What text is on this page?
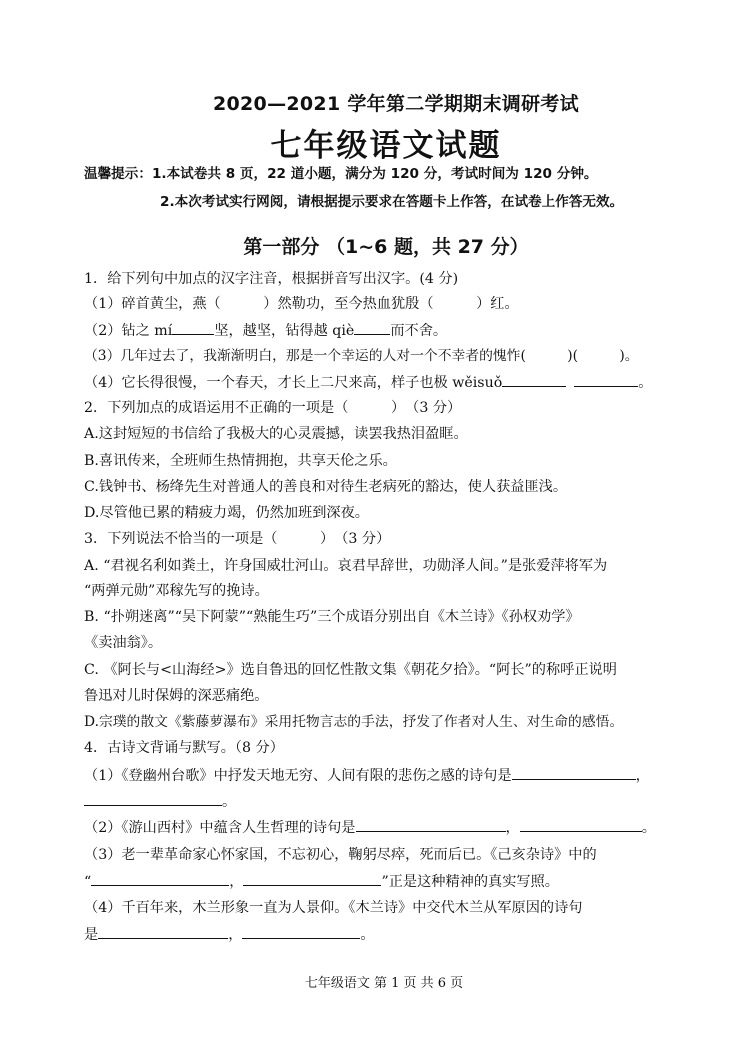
2020—2021 学年第二学期期末调研考试
七年级语文试题
温馨提示：1.本试卷共 8 页，22 道小题，满分为 120 分，考试时间为 120 分钟。
2.本次考试实行网阅，请根据提示要求在答题卡上作答，在试卷上作答无效。
第一部分 （1~6 题，共 27 分）
1．给下列句中加点的汉字注音，根据拼音写出汉字。(4 分)
（1）碎首黄尘，燕（　　　）然勒功，至今热血犹殷（　　　）红。
（2）钻之 mí	坚，越坚，钻得越 qiè	而不舍。
（3）几年过去了，我渐渐明白，那是一个幸运的人对一个不幸者的愧怍(　　　)(　　　)。
（4）它长得很慢，一个春天，才长上二尺来高，样子也极 wěisuǒ	。
2．下列加点的成语运用不正确的一项是（　　　）　（3 分）
A.这封短短的书信给了我极大的心灵震撼，读罢我热泪盈眶。
B.喜讯传来，全班师生热情拥抱，共享天伦之乐。
C.钱钟书、杨绛先生对普通人的善良和对待生老病死的豁达，使人获益匪浅。
D.尽管他已累的精疲力竭，仍然加班到深夜。
3．下列说法不恰当的一项是（　　　）　（3 分）
A. “君视名利如粪土，许身国威壮河山。哀君早辞世，功勋泽人间。”是张爱萍将军为
“两弹元勋”邓稼先写的挽诗。
B. “扑朔迷离”“吴下阿蒙”“熟能生巧”三个成语分别出自《木兰诗》《孙权劝学》
《卖油翁》。
C. 《阿长与<山海经>》选自鲁迅的回忆性散文集《朝花夕拾》。“阿长”的称呼正说明
鲁迅对儿时保姆的深恶痛绝。
D.宗璞的散文《紫藤萝瀑布》采用托物言志的手法，抒发了作者对人生、对生命的感悟。
4．古诗文背诵与默写。（8 分）
（1）《登幽州台歌》中抒发天地无穷、人间有限的悲伤之感的诗句是	，
。
（2）《游山西村》中蕴含人生哲理的诗句是	，	。
（3）老一辈革命家心怀家国，不忘初心，鞠躬尽瘁，死而后已。《己亥杂诗》中的
“	，	”正是这种精神的真实写照。
（4）千百年来，木兰形象一直为人景仰。《木兰诗》中交代木兰从军原因的诗句
是	，	。
七年级语文 第 1 页 共 6 页
